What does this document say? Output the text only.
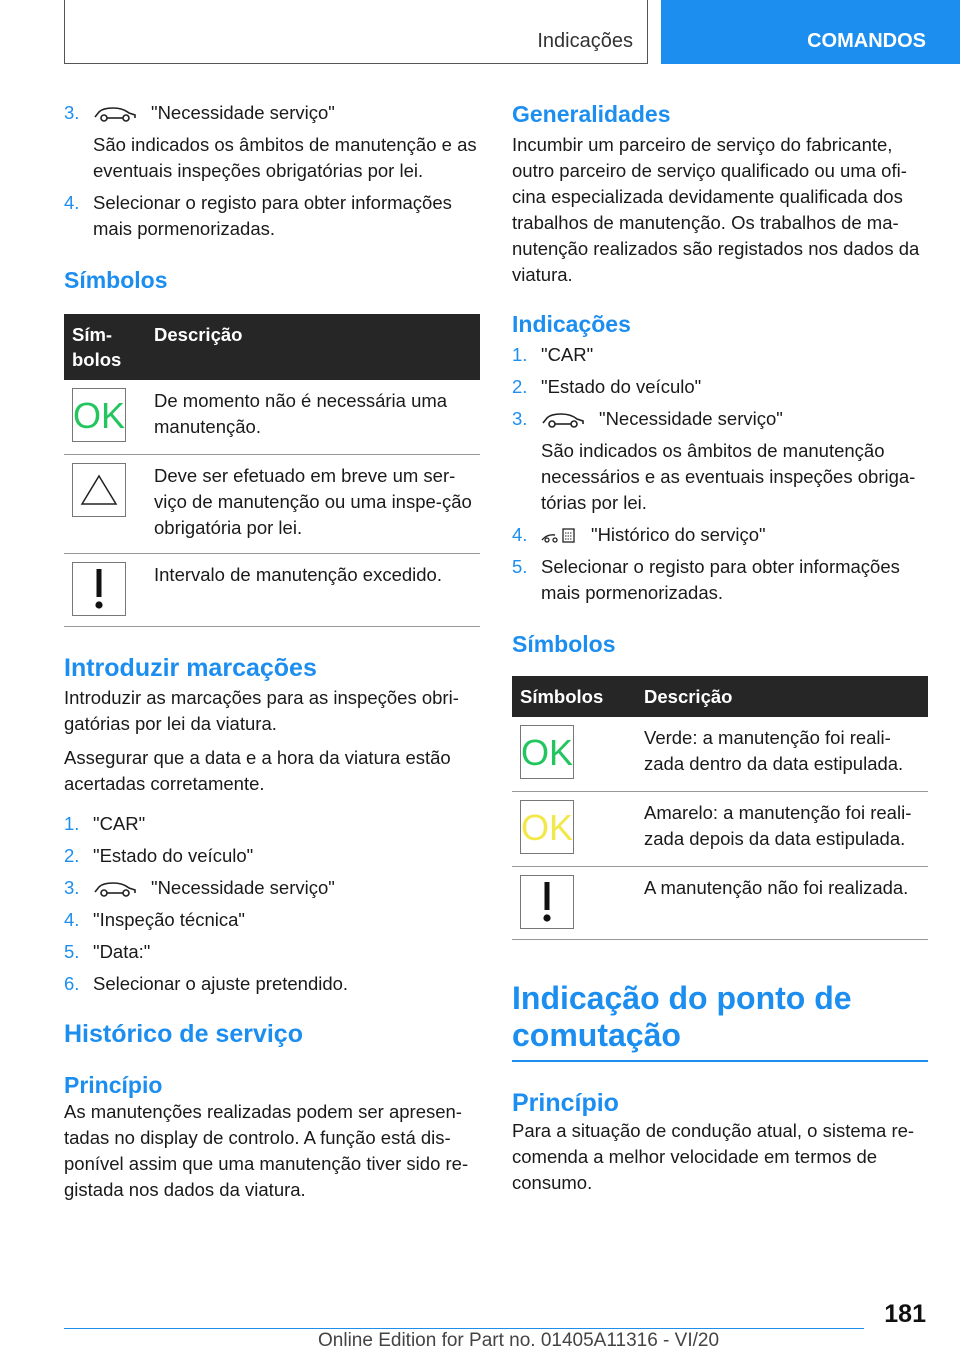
Indicações	COMANDOS
3.	"Necessidade serviço"
São indicados os âmbitos de manutenção e as eventuais inspeções obrigatórias por lei.
4. Selecionar o registo para obter informações mais pormenorizadas.
Símbolos
Sím-bolos	Descrição

OK	De momento não é necessária uma manutenção.

	Deve ser efetuado em breve um ser-viço de manutenção ou uma inspe-ção obrigatória por lei.

	Intervalo de manutenção excedido.
Introduzir marcações

Introduzir as marcações para as inspeções obri-gatórias por lei da viatura.

Assegurar que a data e a hora da viatura estão acertadas corretamente.

1. "CAR"
2. "Estado do veículo"
3.	"Necessidade serviço"
4. "Inspeção técnica"
5. "Data:"
6. Selecionar o ajuste pretendido.
Histórico de serviço
Princípio

As manutenções realizadas podem ser apresen-tadas no display de controlo. A função está dis-ponível assim que uma manutenção tiver sido re-gistada nos dados da viatura.

Generalidades

Incumbir um parceiro de serviço do fabricante, outro parceiro de serviço qualificado ou uma ofi-cina especializada devidamente qualificada dos trabalhos de manutenção. Os trabalhos de ma-nutenção realizados são registados nos dados da viatura.

Indicações
1. "CAR"
2. "Estado do veículo"
3.	"Necessidade serviço"
São indicados os âmbitos de manutenção necessários e as eventuais inspeções obriga-tórias por lei.
4.	"Histórico do serviço"
5. Selecionar o registo para obter informações mais pormenorizadas.
Símbolos
Símbolos	Descrição

OK	Verde: a manutenção foi reali-zada dentro da data estipulada.

OK	Amarelo: a manutenção foi reali-zada depois da data estipulada.

	A manutenção não foi realizada.
Indicação do ponto de comutação
Princípio

Para a situação de condução atual, o sistema re-comenda a melhor velocidade em termos de consumo.

181
Online Edition for Part no. 01405A11316 - VI/20
